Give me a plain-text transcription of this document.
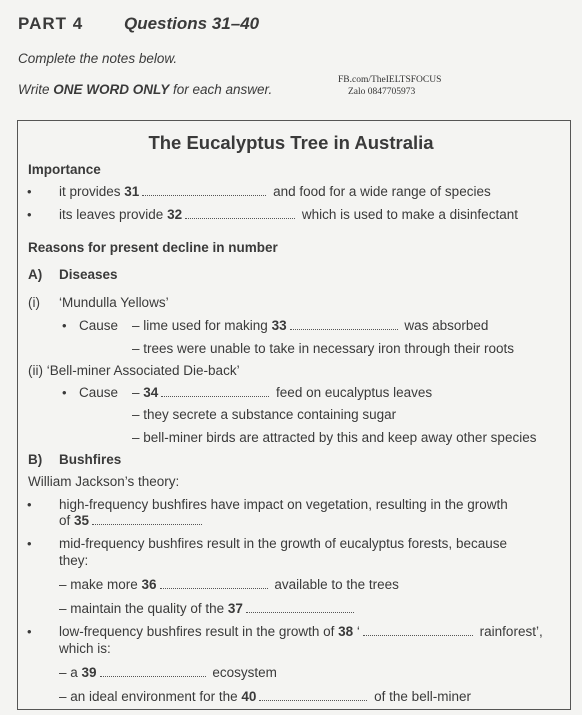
PART 4 Questions 31–40
Complete the notes below.
Write ONE WORD ONLY for each answer.
FB.com/TheIELTSFOCUS
Zalo 0847705973
The Eucalyptus Tree in Australia
Importance
• it provides 31	and food for a wide range of species
• its leaves provide 32	which is used to make a disinfectant
Reasons for present decline in number
A) Diseases
(i) ‘Mundulla Yellows’
• Cause – lime used for making 33	was absorbed
– trees were unable to take in necessary iron through their roots
(ii) ‘Bell-miner Associated Die-back’
• Cause – 34	feed on eucalyptus leaves
– they secrete a substance containing sugar
– bell-miner birds are attracted by this and keep away other species
B) Bushfires
William Jackson’s theory:
• high-frequency bushfires have impact on vegetation, resulting in the growth
of 35
• mid-frequency bushfires result in the growth of eucalyptus forests, because
they:
– make more 36	available to the trees
– maintain the quality of the 37
• low-frequency bushfires result in the growth of 38 ‘	rainforest’,
which is:
– a 39	ecosystem
– an ideal environment for the 40	of the bell-miner
